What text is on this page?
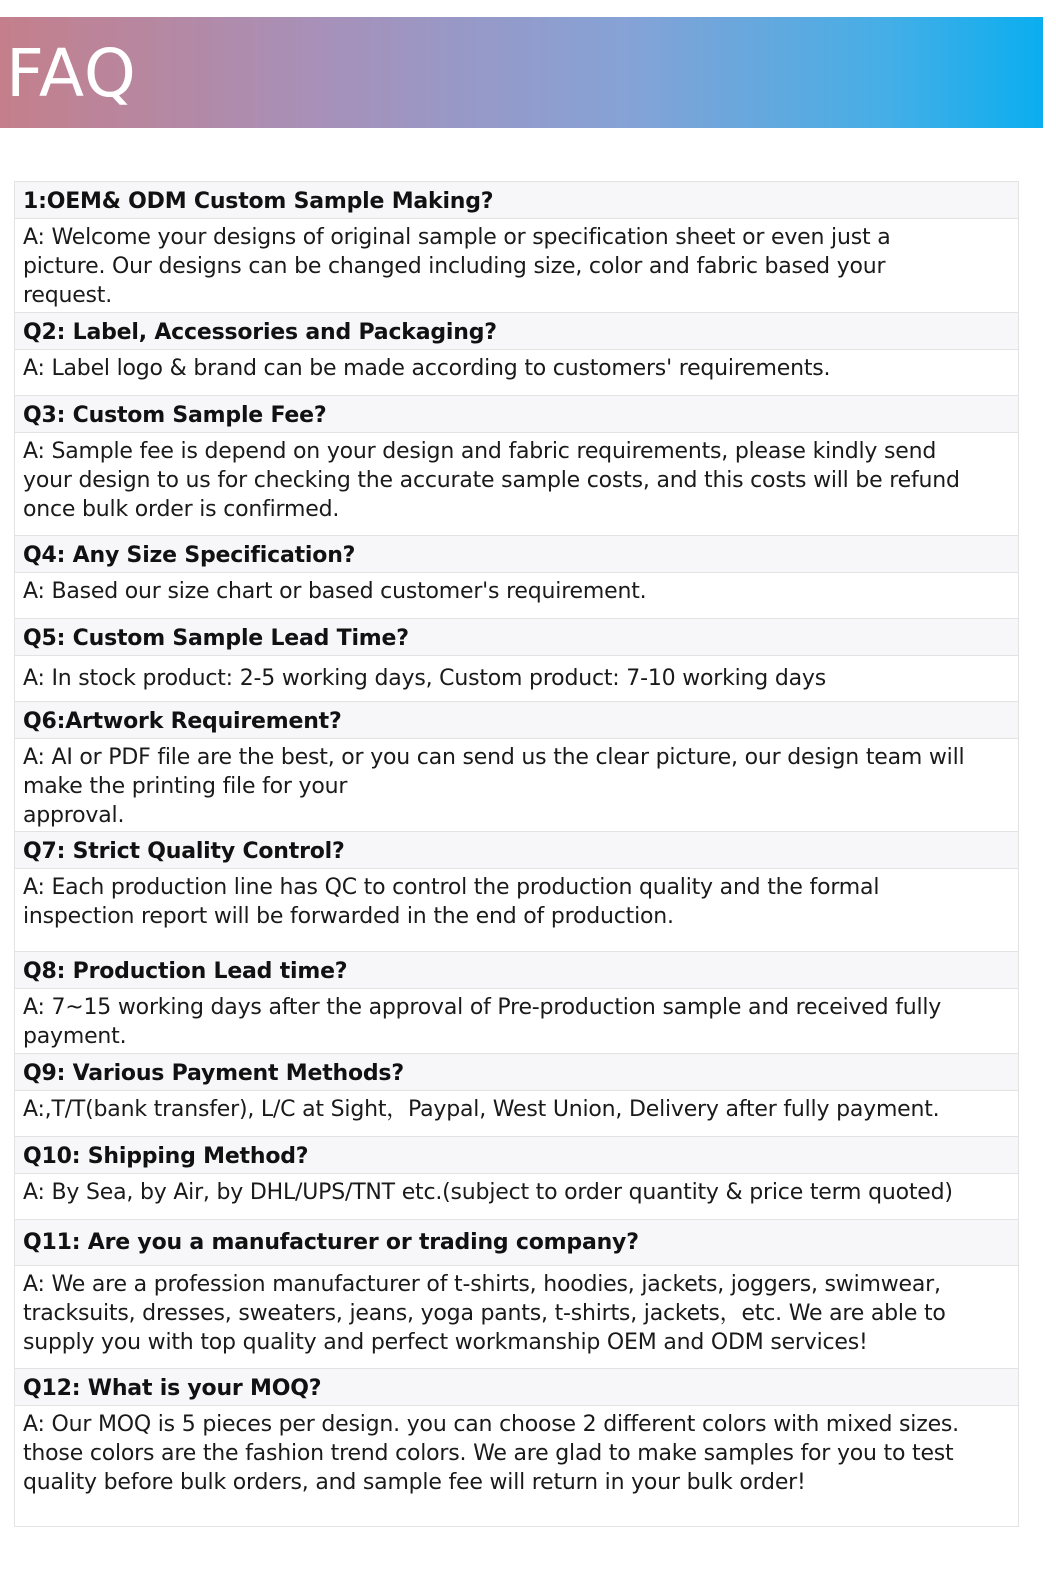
FAQ
1:OEM& ODM Custom Sample Making?
A: Welcome your designs of original sample or specification sheet or even just a
picture. Our designs can be changed including size, color and fabric based your
request.
Q2: Label, Accessories and Packaging?
A: Label logo & brand can be made according to customers' requirements.
Q3: Custom Sample Fee?
A: Sample fee is depend on your design and fabric requirements, please kindly send
your design to us for checking the accurate sample costs, and this costs will be refund
once bulk order is confirmed.
Q4: Any Size Specification?
A: Based our size chart or based customer's requirement.
Q5: Custom Sample Lead Time?
A: In stock product: 2-5 working days, Custom product: 7-10 working days
Q6:Artwork Requirement?
A: AI or PDF file are the best, or you can send us the clear picture, our design team will
make the printing file for your
approval.
Q7: Strict Quality Control?
A: Each production line has QC to control the production quality and the formal
inspection report will be forwarded in the end of production.
Q8: Production Lead time?
A: 7~15 working days after the approval of Pre-production sample and received fully
payment.
Q9: Various Payment Methods?
A:,T/T(bank transfer), L/C at Sight，Paypal, West Union, Delivery after fully payment.
Q10: Shipping Method?
A: By Sea, by Air, by DHL/UPS/TNT etc.(subject to order quantity & price term quoted)
Q11: Are you a manufacturer or trading company?
A: We are a profession manufacturer of t-shirts, hoodies, jackets, joggers, swimwear,
tracksuits, dresses, sweaters, jeans, yoga pants, t-shirts, jackets，etc. We are able to
supply you with top quality and perfect workmanship OEM and ODM services!
Q12: What is your MOQ?
A: Our MOQ is 5 pieces per design. you can choose 2 different colors with mixed sizes.
those colors are the fashion trend colors. We are glad to make samples for you to test
quality before bulk orders, and sample fee will return in your bulk order!
